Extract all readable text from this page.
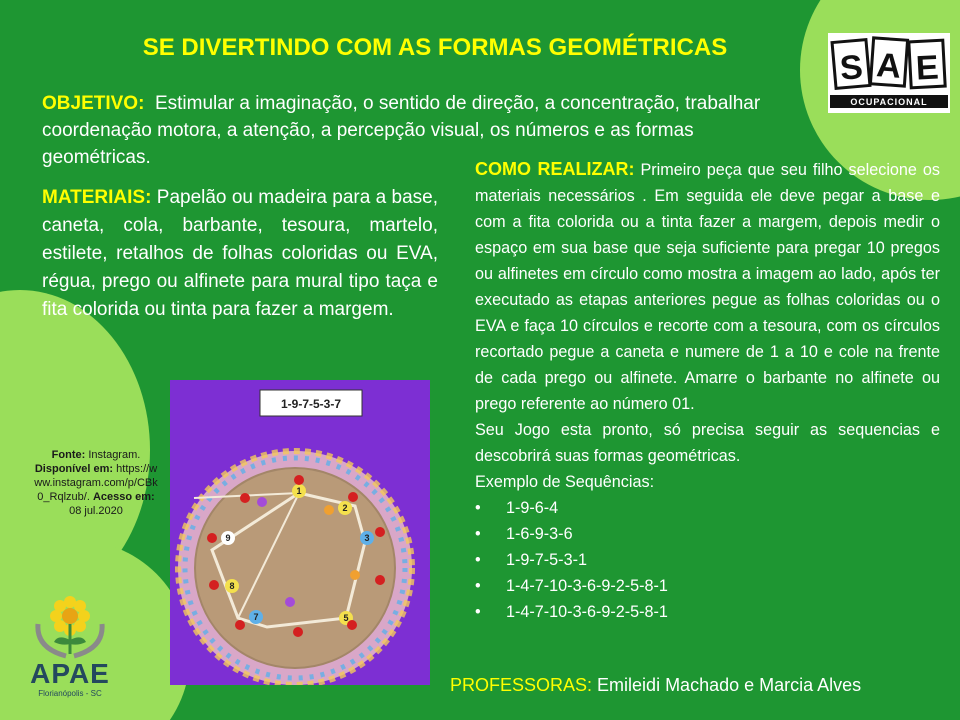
SE DIVERTINDO COM AS FORMAS GEOMÉTRICAS
OBJETIVO: Estimular a imaginação, o sentido de direção, a concentração, trabalhar coordenação motora, a atenção, a percepção visual, os números e as formas geométricas.
MATERIAIS: Papelão ou madeira para a base, caneta, cola, barbante, tesoura, martelo, estilete, retalhos de folhas coloridas ou EVA, régua, prego ou alfinete para mural tipo taça e fita colorida ou tinta para fazer a margem.
COMO REALIZAR: Primeiro peça que seu filho selecione os materiais necessários . Em seguida ele deve pegar a base e com a fita colorida ou a tinta fazer a margem, depois medir o espaço em sua base que seja suficiente para pregar 10 pregos ou alfinetes em círculo como mostra a imagem ao lado, após ter executado as etapas anteriores pegue as folhas coloridas ou o EVA e faça 10 círculos e recorte com a tesoura, com os círculos recortado pegue a caneta e numere de 1 a 10 e cole na frente de cada prego ou alfinete. Amarre o barbante no alfinete ou prego referente ao número 01.
Seu Jogo esta pronto, só precisa seguir as sequencias e descobrirá suas formas geométricas.
Exemplo de Sequências:
• 1-9-6-4
• 1-6-9-3-6
• 1-9-7-5-3-1
• 1-4-7-10-3-6-9-2-5-8-1
• 1-4-7-10-3-6-9-2-5-8-1
PROFESSORAS: Emileidi Machado e Marcia Alves
Fonte: Instagram. Disponível em: https://www.instagram.com/p/CBk0_Rqlzub/. Acesso em: 08 jul.2020
1-9-7-5-3-7
1
2
3
5
7
8
9
S A E
OCUPACIONAL
APAE
Florianópolis - SC
